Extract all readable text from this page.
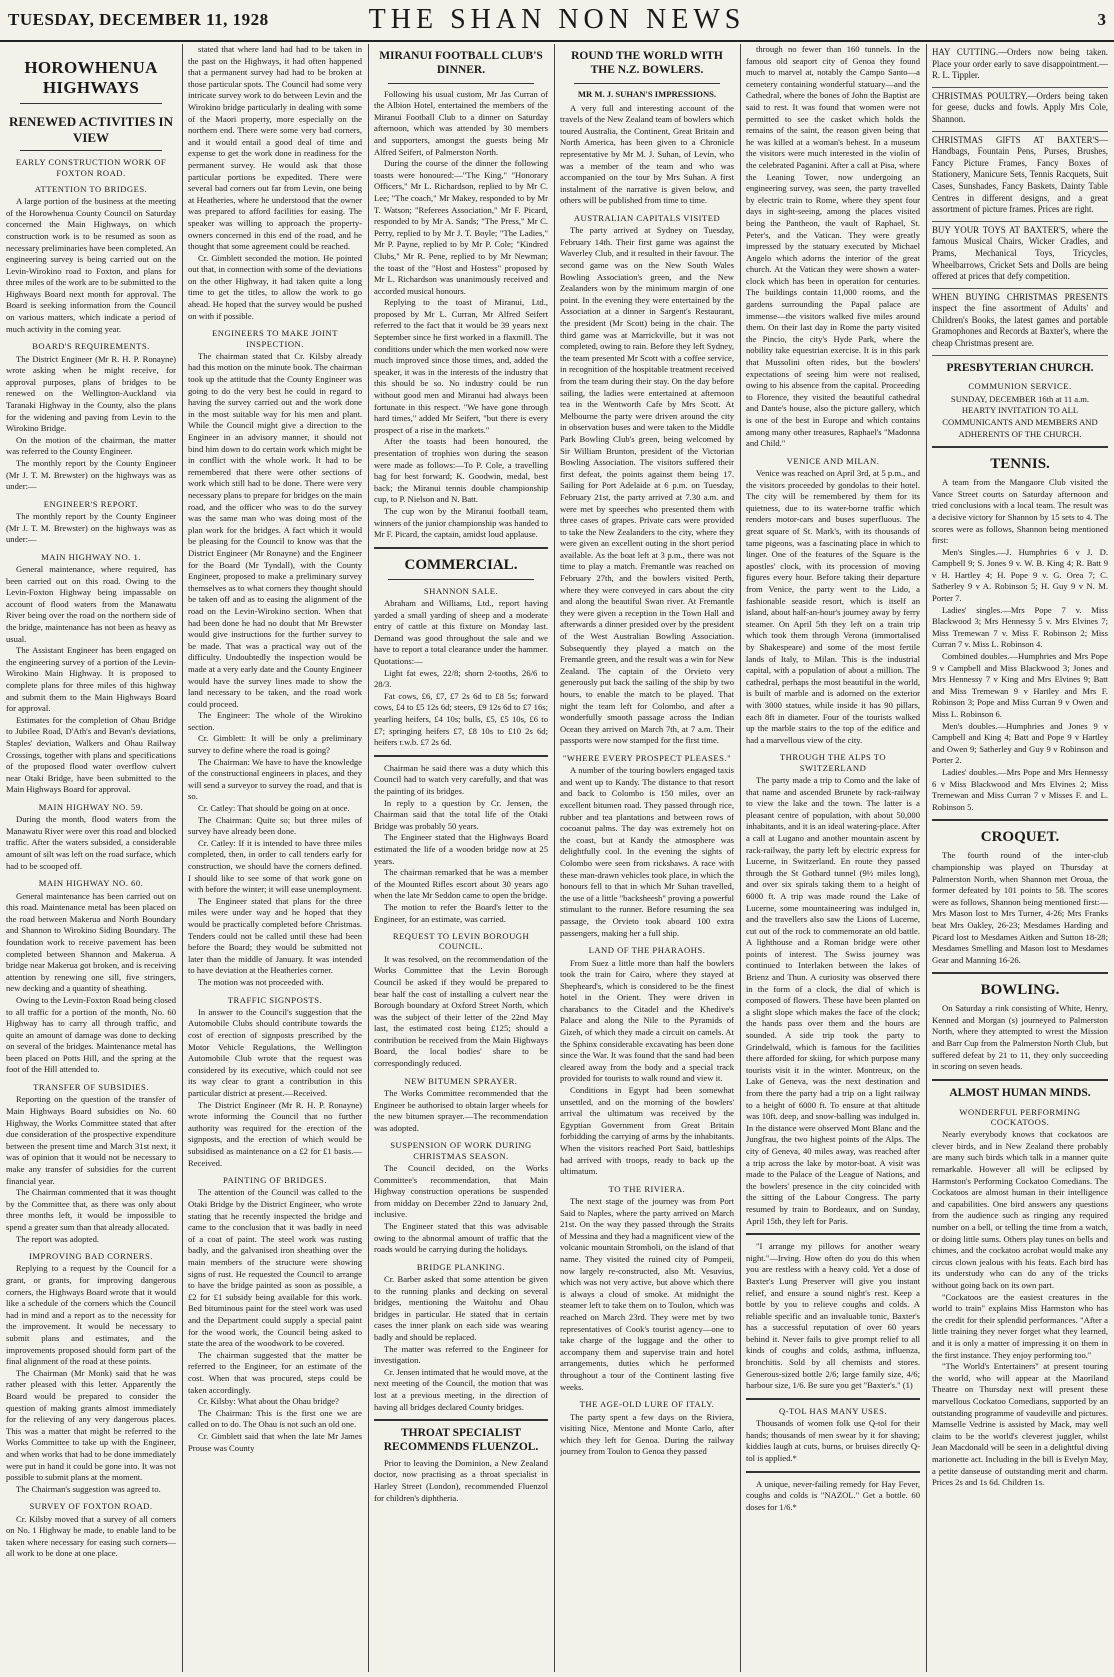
TUESDAY, DECEMBER 11, 1928	THE SHAN NON NEWS	3
HOROWHENUA HIGHWAYS
RENEWED ACTIVITIES IN VIEW
EARLY CONSTRUCTION WORK OF FOXTON ROAD.
ATTENTION TO BRIDGES.

A large portion of the business at the meeting of the Horowhenua County Council on Saturday concerned the Main Highways, on which construction work is to be resumed as soon as necessary preliminaries have been completed. An engineering survey is being carried out on the Levin-Wirokino road to Foxton, and plans for three miles of the work are to be submitted to the Highways Board next month for approval. The Board is seeking information from the Council on various matters, which indicate a period of much activity in the coming year.

BOARD'S REQUIREMENTS.

The District Engineer (Mr R. H. P. Ronayne) wrote asking when he might receive, for approval purposes, plans of bridges to be renewed on the Wellington-Auckland via Taranaki Highway in the County, also the plans for the widening and paving from Levin to the Wirokino Bridge.

On the motion of the chairman, the matter was referred to the County Engineer.

The monthly report by the County Engineer (Mr J. T. M. Brewster) on the highways was as under:—

ENGINEER'S REPORT.

The monthly report by the County Engineer (Mr J. T. M. Brewster) on the highways was as under:—

MAIN HIGHWAY NO. 1.

General maintenance, where required, has been carried out on this road. Owing to the Levin-Foxton Highway being impassable on account of flood waters from the Manawatu River being over the road on the northern side of the bridge, maintenance has not been as heavy as usual.

The Assistant Engineer has been engaged on the engineering survey of a portion of the Levin-Wirokino Main Highway. It is proposed to complete plans for three miles of this highway and submit them to the Main Highways Board for approval.

Estimates for the completion of Ohau Bridge to Jubilee Road, D'Ath's and Bevan's deviations, Staples' deviation, Walkers and Ohau Railway Crossings, together with plans and specifications of the proposed flood water overflow culvert near Otaki Bridge, have been submitted to the Main Highways Board for approval.

MAIN HIGHWAY NO. 59.

During the month, flood waters from the Manawatu River were over this road and blocked traffic. After the waters subsided, a considerable amount of silt was left on the road surface, which had to be scooped off.

MAIN HIGHWAY NO. 60.

General maintenance has been carried out on this road. Maintenance metal has been placed on the road between Makerua and North Boundary and Shannon to Wirokino Siding Boundary. The foundation work to receive pavement has been completed between Shannon and Makerua. A bridge near Makerua got broken, and is receiving attention by renewing one sill, five stringers, new decking and a quantity of sheathing.

Owing to the Levin-Foxton Road being closed to all traffic for a portion of the month, No. 60 Highway has to carry all through traffic, and quite an amount of damage was done to decking on several of the bridges. Maintenance metal has been placed on Potts Hill, and the spring at the foot of the Hill attended to.

TRANSFER OF SUBSIDIES.

Reporting on the question of the transfer of Main Highways Board subsidies on No. 60 Highway, the Works Committee stated that after due consideration of the prospective expenditure between the present time and March 31st next, it was of opinion that it would not be necessary to make any transfer of subsidies for the current financial year.

The Chairman commented that it was thought by the Committee that, as there was only about three months left, it would be impossible to spend a greater sum than that already allocated.

The report was adopted.

IMPROVING BAD CORNERS.

Replying to a request by the Council for a grant, or grants, for improving dangerous corners, the Highways Board wrote that it would like a schedule of the corners which the Council had in mind and a report as to the necessity for the improvement. It would be necessary to submit plans and estimates, and the improvements proposed should form part of the final alignment of the road at these points.

The Chairman (Mr Monk) said that he was rather pleased with this letter. Apparently the Board would be prepared to consider the question of making grants almost immediately for the relieving of any very dangerous places. This was a matter that might be referred to the Works Committee to take up with the Engineer, and when works that had to be done immediately were put in hand it could be gone into. It was not possible to submit plans at the moment.

The Chairman's suggestion was agreed to.

SURVEY OF FOXTON ROAD.

Cr. Kilsby moved that a survey of all corners on No. 1 Highway be made, to enable land to be taken where necessary for easing such corners—all work to be done at one place.

stated that where land had had to be taken in the past on the Highways, it had often happened that a permanent survey had had to be broken at those particular spots. The Council had some very intricate survey work to do between Levin and the Wirokino bridge particularly in dealing with some of the Maori property, more especially on the northern end. There were some very bad corners, and it would entail a good deal of time and expense to get the work done in readiness for the permanent survey. He would ask that those particular portions be expedited. There were several bad corners out far from Levin, one being at Heatheries, where he understood that the owner was prepared to afford facilities for easing. The speaker was willing to approach the property-owners concerned in this end of the road, and he thought that some agreement could be reached.

Cr. Gimblett seconded the motion. He pointed out that, in connection with some of the deviations on the other Highway, it had taken quite a long time to get the titles, to allow the work to go ahead. He hoped that the survey would be pushed on with if possible.

ENGINEERS TO MAKE JOINT INSPECTION.

The chairman stated that Cr. Kilsby already had this motion on the minute book. The chairman took up the attitude that the County Engineer was going to do the very best he could in regard to having the survey carried out and the work done in the most suitable way for his men and plant. While the Council might give a direction to the Engineer in an advisory manner, it should not bind him down to do certain work which might be in conflict with the whole work. It had to be remembered that there were other sections of work which still had to be done. There were very necessary plans to prepare for bridges on the main road, and the officer who was to do the survey was the same man who was doing most of the plan work for the bridges. A fact which it would be pleasing for the Council to know was that the District Engineer (Mr Ronayne) and the Engineer for the Board (Mr Tyndall), with the County Engineer, proposed to make a preliminary survey themselves as to what corners they thought should be taken off and as to easing the alignment of the road on the Levin-Wirokino section. When that had been done he had no doubt that Mr Brewster would give instructions for the further survey to be made. That was a practical way out of the difficulty. Undoubtedly the inspection would be made at a very early date and the County Engineer would have the survey lines made to show the land necessary to be taken, and the road work could proceed.

The Engineer: The whole of the Wirokino section.

Cr. Gimblett: It will be only a preliminary survey to define where the road is going?

The Chairman: We have to have the knowledge of the constructional engineers in places, and they will send a surveyor to survey the road, and that is so.

Cr. Catley: That should be going on at once.

The Chairman: Quite so; but three miles of survey have already been done.

Cr. Catley: If it is intended to have three miles completed, then, in order to call tenders early for construction, we should have the corners defined. I should like to see some of that work gone on with before the winter; it will ease unemployment.

The Engineer stated that plans for the three miles were under way and he hoped that they would be practically completed before Christmas. Tenders could not be called until these had been before the Board; they would be submitted not later than the middle of January. It was intended to have deviation at the Heatheries corner.

The motion was not proceeded with.

TRAFFIC SIGNPOSTS.

In answer to the Council's suggestion that the Automobile Clubs should contribute towards the cost of erection of signposts prescribed by the Motor Vehicle Regulations, the Wellington Automobile Club wrote that the request was considered by its executive, which could not see its way clear to grant a contribution in this particular district at present.—Received.

The District Engineer (Mr R. H. P. Ronayne) wrote informing the Council that no further authority was required for the erection of the signposts, and the erection of which would be subsidised as maintenance on a £2 for £1 basis.—Received.

PAINTING OF BRIDGES.

The attention of the Council was called to the Otaki Bridge by the District Engineer, who wrote stating that he recently inspected the bridge and came to the conclusion that it was badly in need of a coat of paint. The steel work was rusting badly, and the galvanised iron sheathing over the main members of the structure were showing signs of rust. He requested the Council to arrange to have the bridge painted as soon as possible, a £2 for £1 subsidy being available for this work. Bed bituminous paint for the steel work was used and the Department could supply a special paint for the wood work, the Council being asked to state the area of the woodwork to be covered.

The chairman suggested that the matter be referred to the Engineer, for an estimate of the cost. When that was procured, steps could be taken accordingly.

Cr. Kilsby: What about the Ohau bridge?

The Chairman: This is the first one we are called on to do. The Ohau is not such an old one.

Cr. Gimblett said that when the late Mr James Prouse was County

MIRANUI FOOTBALL CLUB'S DINNER.

Following his usual custom, Mr Jas Curran of the Albion Hotel, entertained the members of the Miranui Football Club to a dinner on Saturday afternoon, which was attended by 30 members and supporters, amongst the guests being Mr Alfred Seifert, of Palmerston North.

During the course of the dinner the following toasts were honoured:—"The King," "Honorary Officers," Mr L. Richardson, replied to by Mr C. Lee; "The coach," Mr Makey, responded to by Mr T. Watson; "Referees Association," Mr F. Picard, responded to by Mr A. Sands; "The Press," Mr C. Perry, replied to by Mr J. T. Boyle; "The Ladies," Mr P. Payne, replied to by Mr P. Cole; "Kindred Clubs," Mr R. Pene, replied to by Mr Newman; the toast of the "Host and Hostess" proposed by Mr L. Richardson was unanimously received and accorded musical honours.

Replying to the toast of Miranui, Ltd., proposed by Mr L. Curran, Mr Alfred Seifert referred to the fact that it would be 39 years next September since he first worked in a flaxmill. The conditions under which the men worked now were much improved since those times, and, added the speaker, it was in the interests of the industry that this should be so. No industry could be run without good men and Miranui had always been fortunate in this respect. "We have gone through hard times," added Mr Seifert, "but there is every prospect of a rise in the markets."

After the toasts had been honoured, the presentation of trophies won during the season were made as follows:—To P. Cole, a travelling bag for best forward; K. Goodwin, medal, best back; the Miranui tennis double championship cup, to P. Nielson and N. Batt.

The cup won by the Miranui football team, winners of the junior championship was handed to Mr F. Picard, the captain, amidst loud applause.

COMMERCIAL.
SHANNON SALE.

Abraham and Williams, Ltd., report having yarded a small yarding of sheep and a moderate entry of cattle at this fixture on Monday last. Demand was good throughout the sale and we have to report a total clearance under the hammer. Quotations:—

Light fat ewes, 22/8; shorn 2-tooths, 26/6 to 28/3.

Fat cows, £6, £7, £7 2s 6d to £8 5s; forward cows, £4 to £5 12s 6d; steers, £9 12s 6d to £7 16s; yearling heifers, £4 10s; bulls, £5, £5 10s, £6 to £7; springing heifers £7, £8 10s to £10 2s 6d; heifers r.w.b. £7 2s 6d.

Chairman he said there was a duty which this Council had to watch very carefully, and that was the painting of its bridges.

In reply to a question by Cr. Jensen, the Chairman said that the total life of the Otaki Bridge was probably 50 years.

The Engineer stated that the Highways Board estimated the life of a wooden bridge now at 25 years.

The chairman remarked that he was a member of the Mounted Rifles escort about 30 years ago when the late Mr Seddon came to open the bridge.

The motion to refer the Board's letter to the Engineer, for an estimate, was carried.

REQUEST TO LEVIN BOROUGH COUNCIL.

It was resolved, on the recommendation of the Works Committee that the Levin Borough Council be asked if they would be prepared to bear half the cost of installing a culvert near the Borough boundary at Oxford Street North, which was the subject of their letter of the 22nd May last, the estimated cost being £125; should a contribution be received from the Main Highways Board, the local bodies' share to be correspondingly reduced.

NEW BITUMEN SPRAYER.

The Works Committee recommended that the Engineer be authorised to obtain larger wheels for the new bitumen sprayer.—The recommendation was adopted.

SUSPENSION OF WORK DURING CHRISTMAS SEASON.

The Council decided, on the Works Committee's recommendation, that Main Highway construction operations be suspended from midday on December 22nd to January 2nd, inclusive.

The Engineer stated that this was advisable owing to the abnormal amount of traffic that the roads would be carrying during the holidays.

BRIDGE PLANKING.

Cr. Barber asked that some attention be given to the running planks and decking on several bridges, mentioning the Waitohu and Ohau bridges in particular. He stated that in certain cases the inner plank on each side was wearing badly and should be replaced.

The matter was referred to the Engineer for investigation.

Cr. Jensen intimated that he would move, at the next meeting of the Council, the motion that was lost at a previous meeting, in the direction of having all bridges declared County bridges.

THROAT SPECIALIST RECOMMENDS FLUENZOL.

Prior to leaving the Dominion, a New Zealand doctor, now practising as a throat specialist in Harley Street (London), recommended Fluenzol for children's diphtheria.

ROUND THE WORLD WITH THE N.Z. BOWLERS.
MR M. J. SUHAN'S IMPRESSIONS.

A very full and interesting account of the travels of the New Zealand team of bowlers which toured Australia, the Continent, Great Britain and North America, has been given to a Chronicle representative by Mr M. J. Suhan, of Levin, who was a member of the team and who was accompanied on the tour by Mrs Suhan. A first instalment of the narrative is given below, and others will be published from time to time.

AUSTRALIAN CAPITALS VISITED

The party arrived at Sydney on Tuesday, February 14th. Their first game was against the Waverley Club, and it resulted in their favour. The second game was on the New South Wales Bowling Association's green, and the New Zealanders won by the minimum margin of one point. In the evening they were entertained by the Association at a dinner in Sargent's Restaurant, the president (Mr Scott) being in the chair. The third game was at Marrickville, but it was not completed, owing to rain. Before they left Sydney, the team presented Mr Scott with a coffee service, in recognition of the hospitable treatment received from the team during their stay. On the day before sailing, the ladies were entertained at afternoon tea in the Wentworth Cafe by Mrs Scott. At Melbourne the party were driven around the city in observation buses and were taken to the Middle Park Bowling Club's green, being welcomed by Sir William Brunton, president of the Victorian Bowling Association. The visitors suffered their first defeat, the points against them being 17. Sailing for Port Adelaide at 6 p.m. on Tuesday, February 21st, the party arrived at 7.30 a.m. and were met by speeches who presented them with three cases of grapes. Private cars were provided to take the New Zealanders to the city, where they were given an excellent outing in the short period available. As the boat left at 3 p.m., there was not time to play a match. Fremantle was reached on February 27th, and the bowlers visited Perth, where they were conveyed in cars about the city and along the beautiful Swan river. At Fremantle they were given a reception in the Town Hall and afterwards a dinner presided over by the president of the West Australian Bowling Association. Subsequently they played a match on the Fremantle green, and the result was a win for New Zealand. The captain of the Orvieto very generously put back the sailing of the ship by two hours, to enable the match to be played. That night the team left for Colombo, and after a wonderfully smooth passage across the Indian Ocean they arrived on March 7th, at 7 a.m. Their passports were now stamped for the first time.

"WHERE EVERY PROSPECT PLEASES."

A number of the touring bowlers engaged taxis and went up to Kandy. The distance to that resort and back to Colombo is 150 miles, over an excellent bitumen road. They passed through rice, rubber and tea plantations and between rows of cocoanut palms. The day was extremely hot on the coast, but at Kandy the atmosphere was delightfully cool. In the evening the sights of Colombo were seen from rickshaws. A race with these man-drawn vehicles took place, in which the honours fell to that in which Mr Suhan travelled, the use of a little "backsheesh" proving a powerful stimulant to the runner. Before resuming the sea passage, the Orvieto took aboard 100 extra passengers, making her a full ship.

LAND OF THE PHARAOHS.

From Suez a little more than half the bowlers took the train for Cairo, where they stayed at Shepheard's, which is considered to be the finest hotel in the Orient. They were driven in charabancs to the Citadel and the Khedive's Palace and along the Nile to the Pyramids of Gizeh, of which they made a circuit on camels. At the Sphinx considerable excavating has been done since the War. It was found that the sand had been cleared away from the body and a special track provided for tourists to walk round and view it.

Conditions in Egypt had been somewhat unsettled, and on the morning of the bowlers' arrival the ultimatum was received by the Egyptian Government from Great Britain forbidding the carrying of arms by the inhabitants. When the visitors reached Port Said, battleships had arrived with troops, ready to back up the ultimatum.

TO THE RIVIERA.

The next stage of the journey was from Port Said to Naples, where the party arrived on March 21st. On the way they passed through the Straits of Messina and they had a magnificent view of the volcanic mountain Stromboli, on the island of that name. They visited the ruined city of Pompeii, now largely re-constructed, also Mt. Vesuvius, which was not very active, but above which there is always a cloud of smoke. At midnight the steamer left to take them on to Toulon, which was reached on March 23rd. They were met by two representatives of Cook's tourist agency—one to take charge of the luggage and the other to accompany them and supervise train and hotel arrangements, duties which he performed throughout a tour of the Continent lasting five weeks.

THE AGE-OLD LURE OF ITALY.

The party spent a few days on the Riviera, visiting Nice, Mentone and Monte Carlo, after which they left for Genoa. During the railway journey from Toulon to Genoa they passed

through no fewer than 160 tunnels. In the famous old seaport city of Genoa they found much to marvel at, notably the Campo Santo—a cemetery containing wonderful statuary—and the Cathedral, where the bones of John the Baptist are said to rest. It was found that women were not permitted to see the casket which holds the remains of the saint, the reason given being that he was killed at a woman's behest. In a museum the visitors were much interested in the violin of the celebrated Paganini. After a call at Pisa, where the Leaning Tower, now undergoing an engineering survey, was seen, the party travelled by electric train to Rome, where they spent four days in sight-seeing, among the places visited being the Pantheon, the vault of Raphael, St. Peter's, and the Vatican. They were greatly impressed by the statuary executed by Michael Angelo which adorns the interior of the great church. At the Vatican they were shown a water-clock which has been in operation for centuries. The buildings contain 11,000 rooms, and the gardens surrounding the Papal palace are immense—the visitors walked five miles around them. On their last day in Rome the party visited the Pincio, the city's Hyde Park, where the nobility take equestrian exercise. It is in this park that Mussolini often rides, but the bowlers' expectations of seeing him were not realised, owing to his absence from the capital. Proceeding to Florence, they visited the beautiful cathedral and Dante's house, also the picture gallery, which is one of the best in Europe and which contains among many other treasures, Raphael's "Madonna and Child."

VENICE AND MILAN.

Venice was reached on April 3rd, at 5 p.m., and the visitors proceeded by gondolas to their hotel. The city will be remembered by them for its quietness, due to its water-borne traffic which renders motor-cars and buses superfluous. The great square of St. Mark's, with its thousands of tame pigeons, was a fascinating place in which to linger. One of the features of the Square is the apostles' clock, with its procession of moving figures every hour. Before taking their departure from Venice, the party went to the Lido, a fashionable seaside resort, which is itself an island, about half-an-hour's journey away by ferry steamer. On April 5th they left on a train trip which took them through Verona (immortalised by Shakespeare) and some of the most fertile lands of Italy, to Milan. This is the industrial capital, with a population of about a million. The cathedral, perhaps the most beautiful in the world, is built of marble and is adorned on the exterior with 3000 statues, while inside it has 90 pillars, each 8ft in diameter. Four of the tourists walked up the marble stairs to the top of the edifice and had a marvellous view of the city.

THROUGH THE ALPS TO SWITZERLAND

The party made a trip to Como and the lake of that name and ascended Brunete by rack-railway to view the lake and the town. The latter is a pleasant centre of population, with about 50,000 inhabitants, and it is an ideal watering-place. After a call at Lugano and another mountain ascent by rack-railway, the party left by electric express for Lucerne, in Switzerland. En route they passed through the St Gothard tunnel (9½ miles long), and over six spirals taking them to a height of 6000 ft. A trip was made round the Lake of Lucerne, some mountaineering was indulged in, and the travellers also saw the Lions of Lucerne, cut out of the rock to commemorate an old battle. A lighthouse and a Roman bridge were other points of interest. The Swiss journey was continued to Interlaken between the lakes of Brienz and Thun. A curiosity was observed there in the form of a clock, the dial of which is composed of flowers. These have been planted on a slight slope which makes the face of the clock; the hands pass over them and the hours are sounded. A side trip took the party to Grindelwald, which is famous for the facilities there afforded for skiing, for which purpose many tourists visit it in the winter. Montreux, on the Lake of Geneva, was the next destination and from there the party had a trip on a light railway to a height of 6000 ft. To ensure at that altitude was 10ft. deep, and snow-balling was indulged in. In the distance were observed Mont Blanc and the Jungfrau, the two highest points of the Alps. The city of Geneva, 40 miles away, was reached after a trip across the lake by motor-boat. A visit was made to the Palace of the League of Nations, and the bowlers' presence in the city coincided with the sitting of the Labour Congress. The party resumed by train to Bordeaux, and on Sunday, April 15th, they left for Paris.

"I arrange my pillows for another weary night."—Irving. How often do you do this when you are restless with a heavy cold. Yet a dose of Baxter's Lung Preserver will give you instant relief, and ensure a sound night's rest. Keep a bottle by you to relieve coughs and colds. A reliable specific and an invaluable tonic, Baxter's has a successful reputation of over 60 years behind it. Never fails to give prompt relief to all kinds of coughs and colds, asthma, influenza, bronchitis. Sold by all chemists and stores. Generous-sized bottle 2/6; large family size, 4/6; harbour size, 1/6. Be sure you get "Baxter's." (1)

Q-TOL HAS MANY USES.

Thousands of women folk use Q-tol for their hands; thousands of men swear by it for shaving; kiddies laugh at cuts, burns, or bruises directly Q-tol is applied.*

A unique, never-failing remedy for Hay Fever, coughs and colds is "NAZOL." Get a bottle. 60 doses for 1/6.*

HAY CUTTING.—Orders now being taken. Place your order early to save disappointment.—R. L. Tippler.

CHRISTMAS POULTRY.—Orders being taken for geese, ducks and fowls. Apply Mrs Cole, Shannon.

CHRISTMAS GIFTS AT BAXTER'S—Handbags, Fountain Pens, Purses, Brushes, Fancy Picture Frames, Fancy Boxes of Stationery, Manicure Sets, Tennis Racquets, Suit Cases, Sunshades, Fancy Baskets, Dainty Table Centres in different designs, and a great assortment of picture frames. Prices are right.

BUY YOUR TOYS AT BAXTER'S, where the famous Musical Chairs, Wicker Cradles, and Prams, Mechanical Toys, Tricycles, Wheelbarrows, Cricket Sets and Dolls are being offered at prices that defy competition.

WHEN BUYING CHRISTMAS PRESENTS inspect the fine assortment of Adults' and Children's Books, the latest games and portable Gramophones and Records at Baxter's, where the cheap Christmas present are.

PRESBYTERIAN CHURCH.
COMMUNION SERVICE.

SUNDAY, DECEMBER 16th at 11 a.m.

HEARTY INVITATION TO ALL COMMUNICANTS AND MEMBERS AND ADHERENTS OF THE CHURCH.

TENNIS.

A team from the Mangaore Club visited the Vance Street courts on Saturday afternoon and tried conclusions with a local team. The result was a decisive victory for Shannon by 15 sets to 4. The scores were as follows, Shannon being mentioned first:

Men's Singles.—J. Humphries 6 v J. D. Campbell 9; S. Jones 9 v. W. B. King 4; R. Batt 9 v H. Hartley 4; H. Pope 9 v. G. Orea 7; C. Satherley 9 v A. Robinson 5; H. Guy 9 v N. M. Porter 7.

Ladies' singles.—Mrs Pope 7 v. Miss Blackwood 3; Mrs Hennessy 5 v. Mrs Elvines 7; Miss Tremewan 7 v. Miss F. Robinson 2; Miss Curran 7 v. Miss L. Robinson 4.

Combined doubles.—Humphries and Mrs Pope 9 v Campbell and Miss Blackwood 3; Jones and Mrs Hennessy 7 v King and Mrs Elvines 9; Batt and Miss Tremewan 9 v Hartley and Mrs F. Robinson 3; Pope and Miss Curran 9 v Owen and Miss L. Robinson 6.

Men's doubles.—Humphries and Jones 9 v Campbell and King 4; Batt and Pope 9 v Hartley and Owen 9; Satherley and Guy 9 v Robinson and Porter 2.

Ladies' doubles.—Mrs Pope and Mrs Hennessy 6 v Miss Blackwood and Mrs Elvines 2; Miss Tremewan and Miss Curran 7 v Misses F. and L. Robinson 5.

CROQUET.

The fourth round of the inter-club championship was played on Thursday at Palmerston North, when Shannon met Oroua, the former defeated by 101 points to 58. The scores were as follows, Shannon being mentioned first:—Mrs Mason lost to Mrs Turner, 4-26; Mrs Franks beat Mrs Oakley, 26-23; Mesdames Harding and Picard lost to Mesdames Aitken and Sutton 18-28; Mesdames Smelling and Mason lost to Mesdames Gear and Manning 16-26.

BOWLING.

On Saturday a rink consisting of White, Henry, Kenned and Morgan (s) journeyed to Palmerston North, where they attempted to wrest the Mission and Barr Cup from the Palmerston North Club, but suffered defeat by 21 to 11, they only succeeding in scoring on seven heads.

ALMOST HUMAN MINDS.
WONDERFUL PERFORMING COCKATOOS.

Nearly everybody knows that cockatoos are clever birds, and in New Zealand there probably are many such birds which talk in a manner quite remarkable. However all will be eclipsed by Harmston's Performing Cockatoo Comedians. The Cockatoos are almost human in their intelligence and capabilities. One bird answers any questions from the audience such as ringing any required number on a bell, or telling the time from a watch, or doing little sums. Others play tunes on bells and chimes, and the cockatoo acrobat would make any circus clown jealous with his feats. Each bird has its understudy who can do any of the tricks without going back on its own part.

"Cockatoos are the easiest creatures in the world to train" explains Miss Harmston who has the credit for their splendid performances. "After a little training they never forget what they learned, and it is only a matter of impressing it on them in the first instance. They enjoy performing too."

"The World's Entertainers" at present touring the world, who will appear at the Maoriland Theatre on Thursday next will present these marvellous Cockatoo Comedians, supported by an outstanding programme of vaudeville and pictures. Mamselle Vedrine is assisted by Mack, may well claim to be the world's cleverest juggler, whilst Jean Macdonald will be seen in a delightful diving marionette act. Including in the bill is Evelyn May, a petite danseuse of outstanding merit and charm. Prices 2s and 1s 6d. Children 1s.
